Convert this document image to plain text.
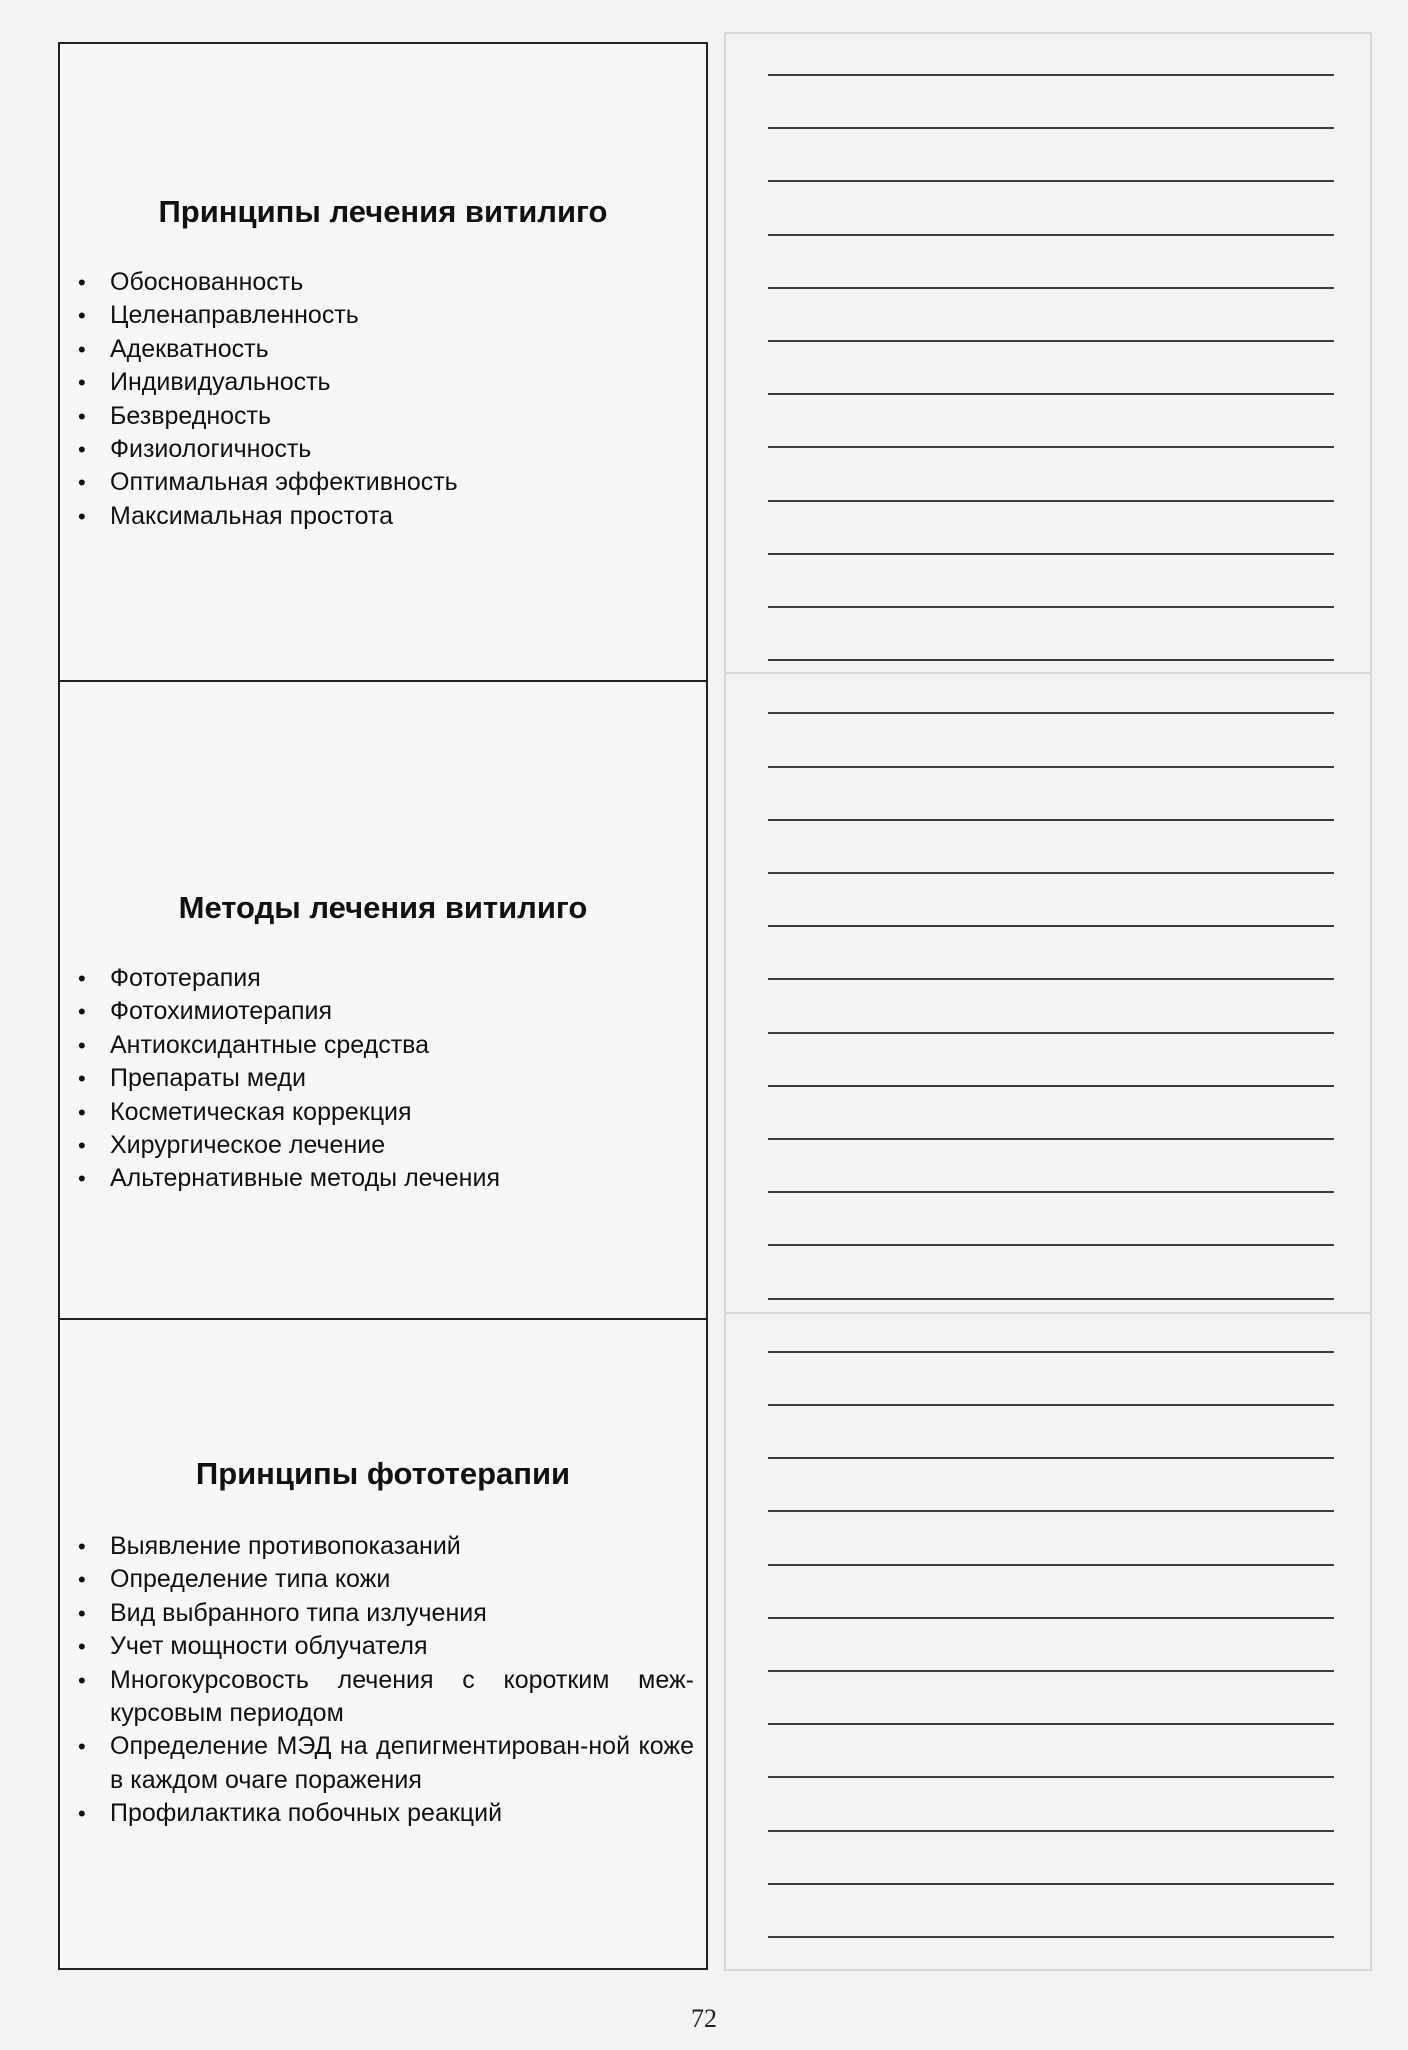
Принципы лечения витилиго
• Обоснованность
• Целенаправленность
• Адекватность
• Индивидуальность
• Безвредность
• Физиологичность
• Оптимальная эффективность
• Максимальная простота
Методы лечения витилиго
• Фототерапия
• Фотохимиотерапия
• Антиоксидантные средства
• Препараты меди
• Косметическая коррекция
• Хирургическое лечение
• Альтернативные методы лечения
Принципы фототерапии
• Выявление противопоказаний
• Определение типа кожи
• Вид выбранного типа излучения
• Учет мощности облучателя
• Многокурсовость лечения с коротким меж-курсовым периодом
• Определение МЭД на депигментирован-ной коже в каждом очаге поражения
• Профилактика побочных реакций
72
